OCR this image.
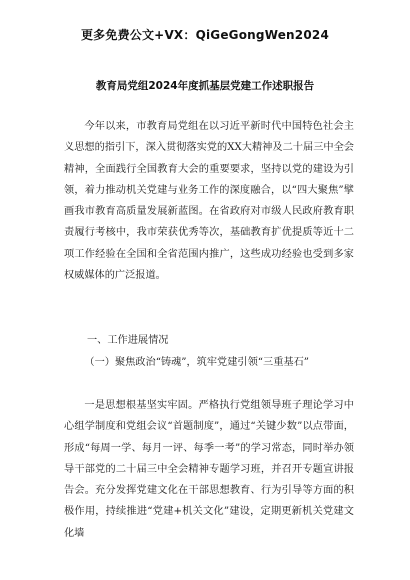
更多免费公文+VX：QiGeGongWen2024
教育局党组2024年度抓基层党建工作述职报告

今年以来，市教育局党组在以习近平新时代中国特色社会主义思想的指引下，深入贯彻落实党的XX大精神及二十届三中全会精神，全面践行全国教育大会的重要要求，坚持以党的建设为引领，着力推动机关党建与业务工作的深度融合，以“四大聚焦”擘画我市教育高质量发展新蓝图。在省政府对市级人民政府教育职责履行考核中，我市荣获优秀等次，基础教育扩优提质等近十二项工作经验在全国和全省范围内推广，这些成功经验也受到多家权威媒体的广泛报道。

一、工作进展情况

（一）聚焦政治“铸魂”，筑牢党建引领“三重基石”

一是思想根基坚实牢固。严格执行党组领导班子理论学习中心组学制度和党组会议“首题制度”，通过“关键少数”以点带面，形成“每周一学、每月一评、每季一考”的学习常态，同时举办领导干部党的二十届三中全会精神专题学习班，并召开专题宣讲报告会。充分发挥党建文化在干部思想教育、行为引导等方面的积极作用，持续推进“党建+机关文化”建设，定期更新机关党建文化墙
